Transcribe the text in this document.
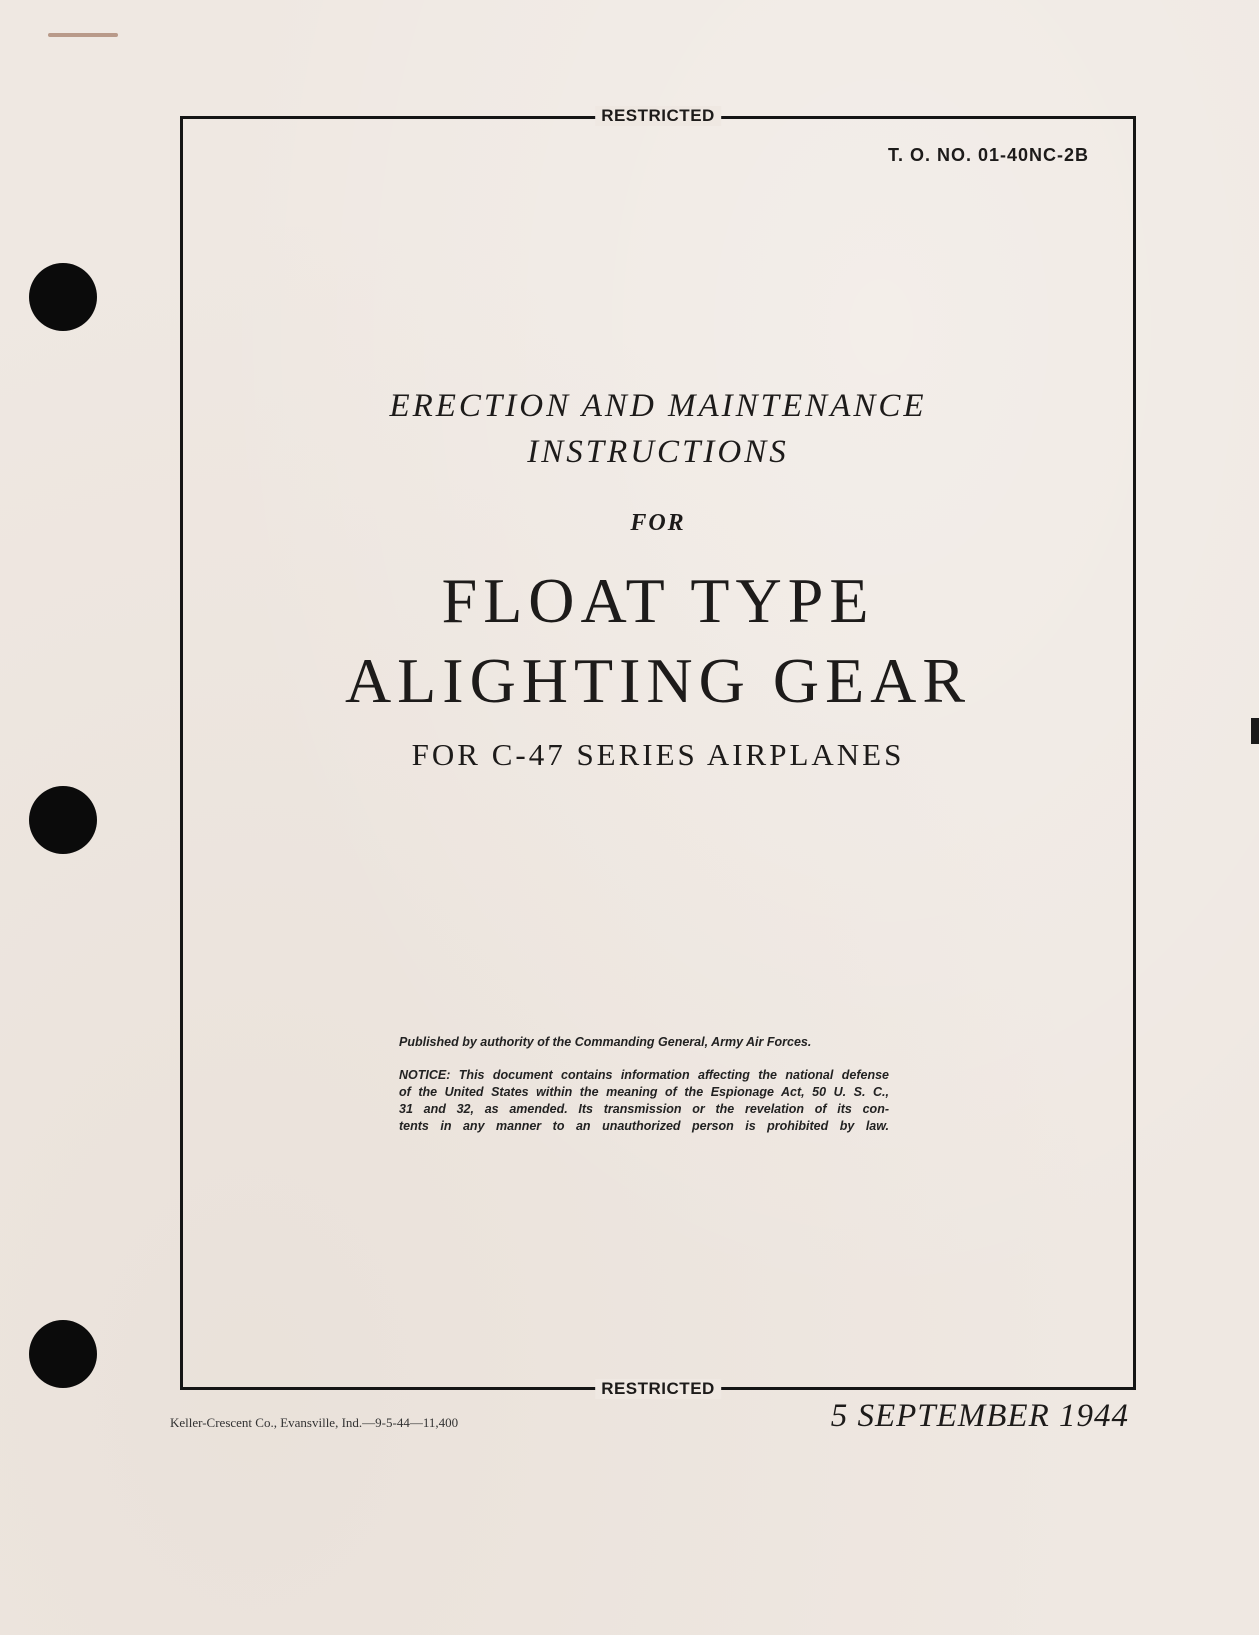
RESTRICTED
T. O. NO. 01-40NC-2B
ERECTION AND MAINTENANCE
INSTRUCTIONS
FOR
FLOAT TYPE
ALIGHTING GEAR
FOR C-47 SERIES AIRPLANES

Published by authority of the Commanding General, Army Air Forces.

NOTICE: This document contains information affecting the national defense
of the United States within the meaning of the Espionage Act, 50 U. S. C.,
31 and 32, as amended. Its transmission or the revelation of its con-
tents in any manner to an unauthorized person is prohibited by law.

RESTRICTED
Keller-Crescent Co., Evansville, Ind.—9-5-44—11,400	5 SEPTEMBER 1944
